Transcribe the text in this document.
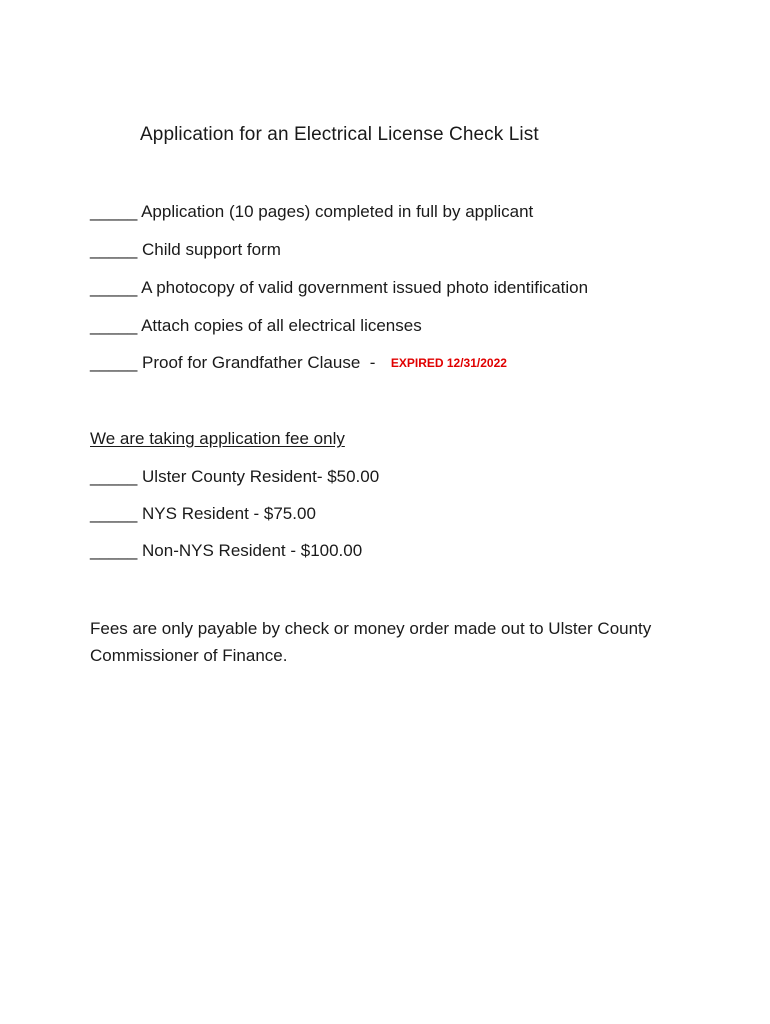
Application for an Electrical License Check List
_____ Application (10 pages) completed in full by applicant
_____ Child support form
_____ A photocopy of valid government issued photo identification
_____ Attach copies of all electrical licenses
_____ Proof for Grandfather Clause  -  EXPIRED 12/31/2022
We are taking application fee only
_____ Ulster County Resident- $50.00
_____ NYS Resident - $75.00
_____ Non-NYS Resident - $100.00
Fees are only payable by check or money order made out to Ulster County Commissioner of Finance.
